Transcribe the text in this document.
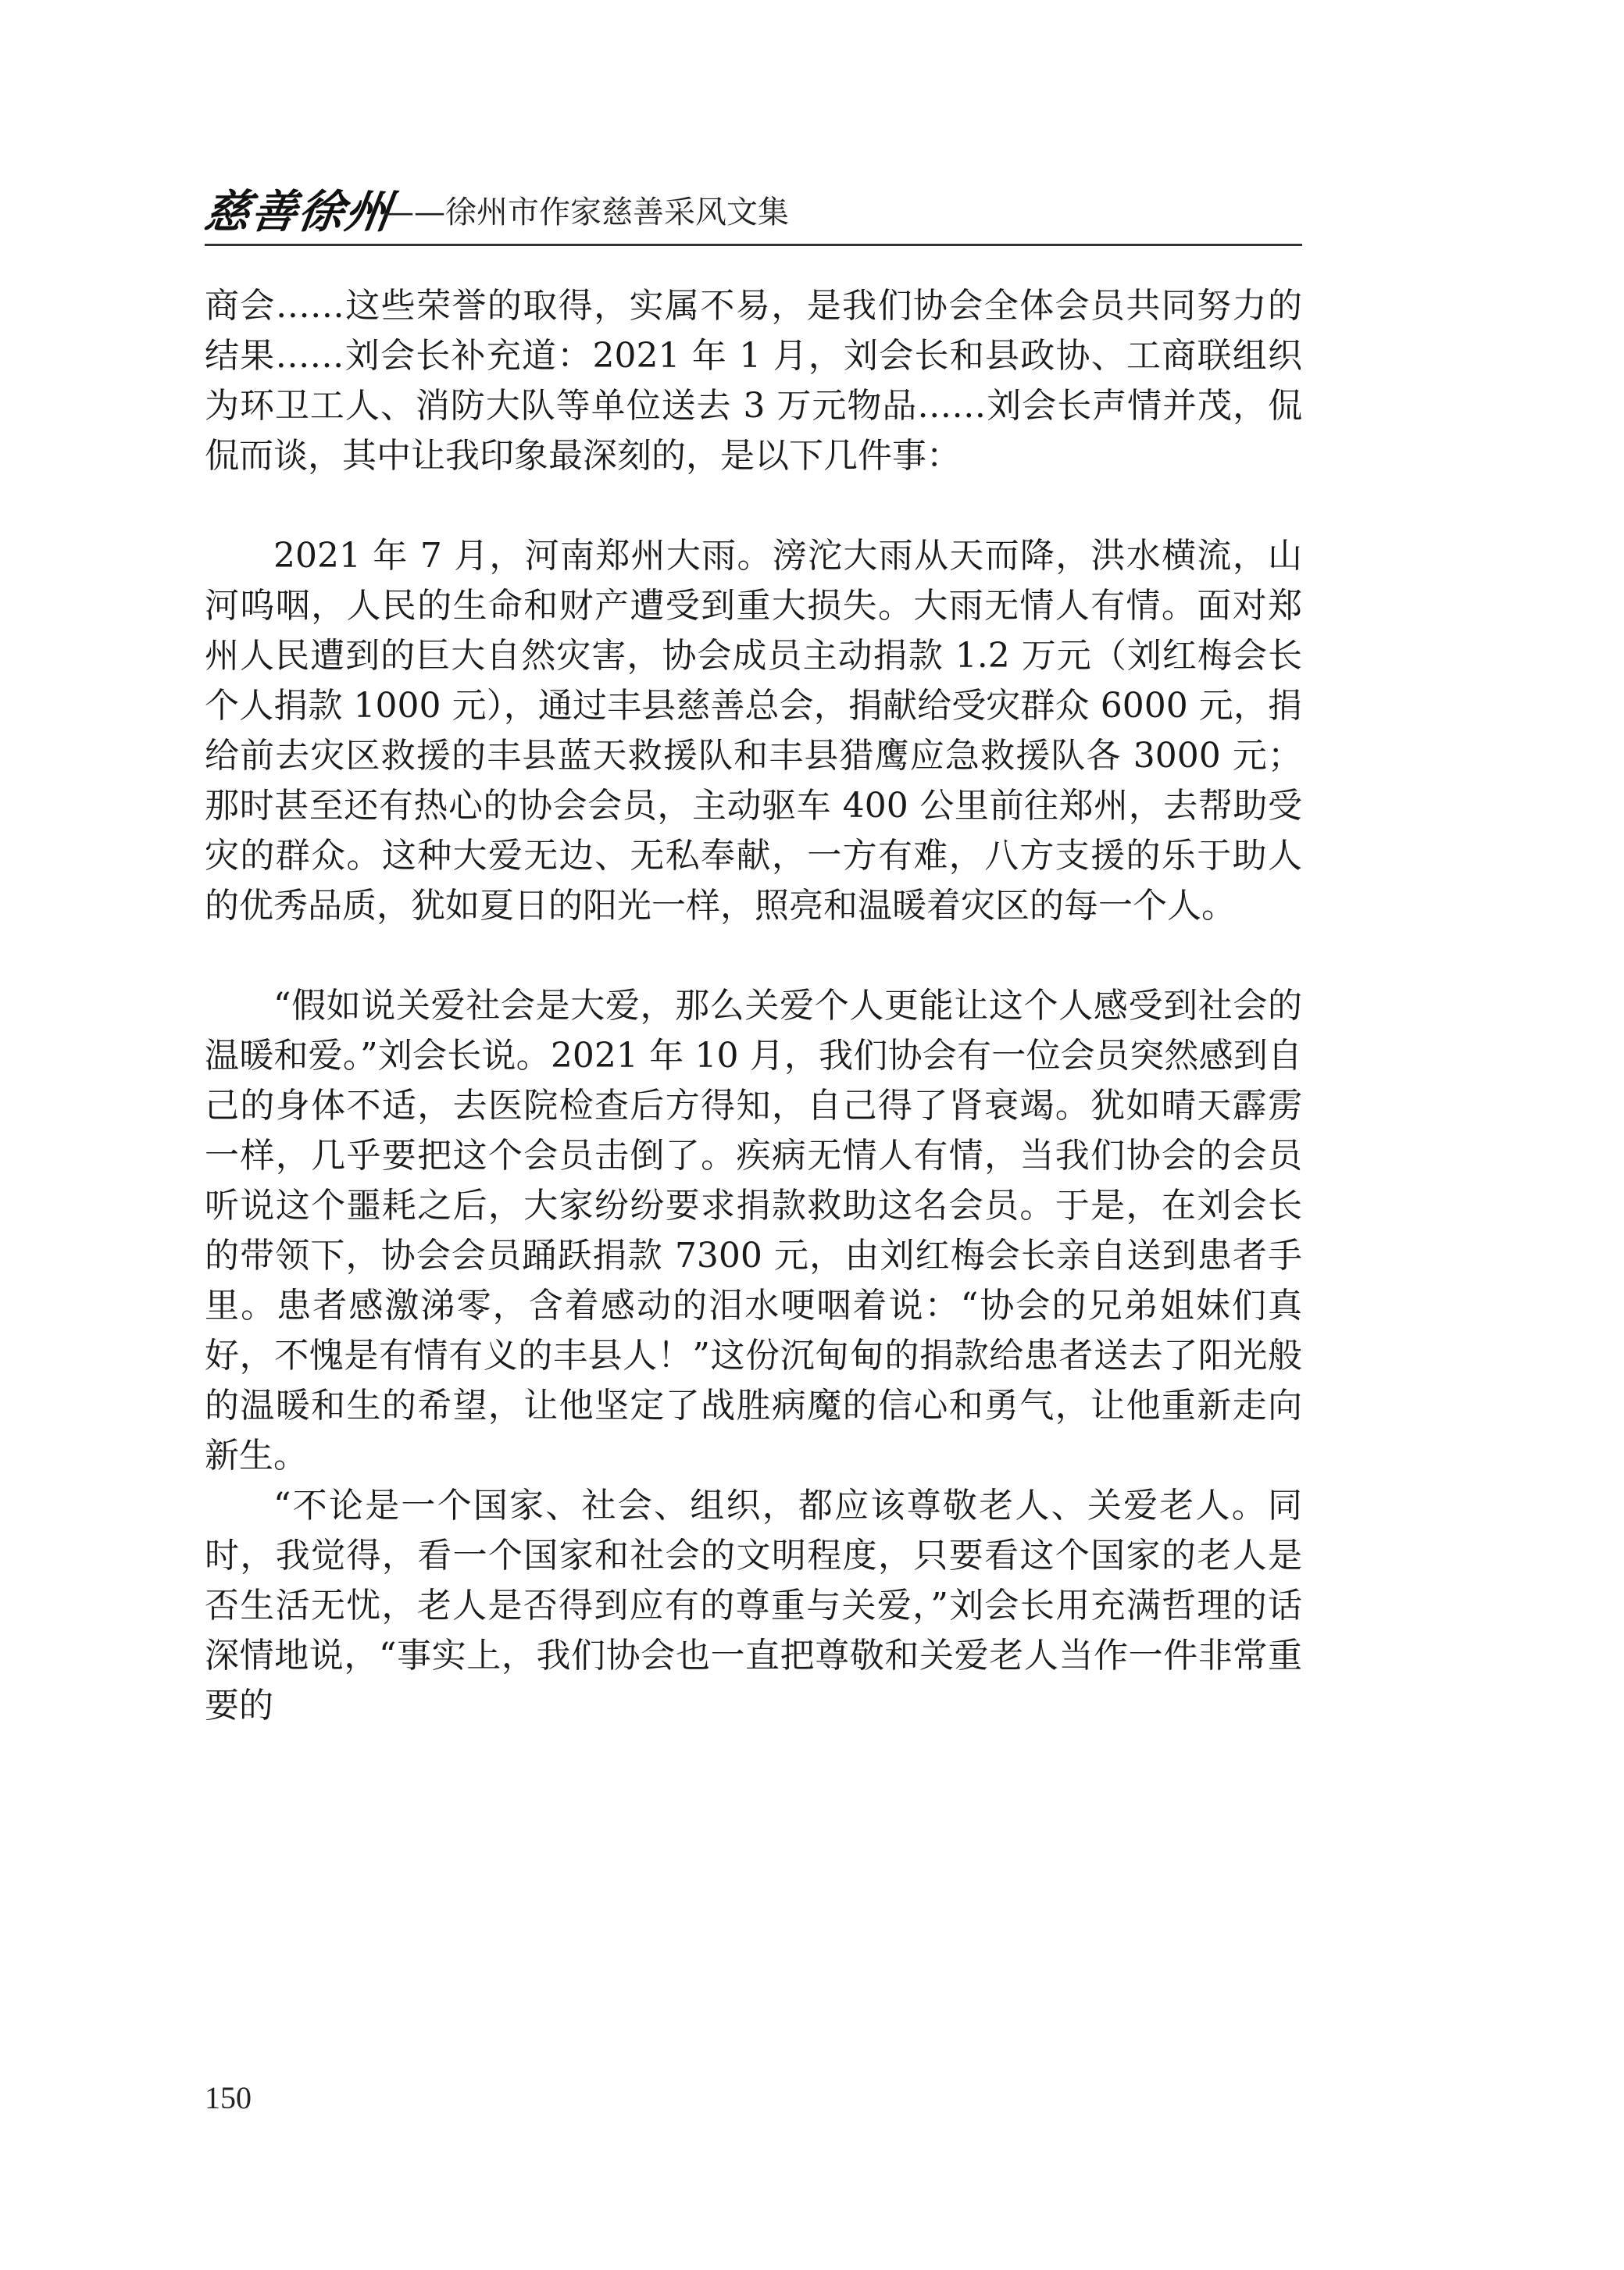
慈善徐州
——徐州市作家慈善采风文集

商会……这些荣誉的取得，实属不易，是我们协会全体会员共同努力的结果……刘会长补充道：2021 年 1 月，刘会长和县政协、工商联组织为环卫工人、消防大队等单位送去 3 万元物品……刘会长声情并茂，侃侃而谈，其中让我印象最深刻的，是以下几件事：

2021 年 7 月，河南郑州大雨。滂沱大雨从天而降，洪水横流，山河呜咽，人民的生命和财产遭受到重大损失。大雨无情人有情。面对郑州人民遭到的巨大自然灾害，协会成员主动捐款 1.2 万元（刘红梅会长个人捐款 1000 元），通过丰县慈善总会，捐献给受灾群众 6000 元，捐给前去灾区救援的丰县蓝天救援队和丰县猎鹰应急救援队各 3000 元；那时甚至还有热心的协会会员，主动驱车 400 公里前往郑州，去帮助受灾的群众。这种大爱无边、无私奉献，一方有难，八方支援的乐于助人的优秀品质，犹如夏日的阳光一样，照亮和温暖着灾区的每一个人。

“假如说关爱社会是大爱，那么关爱个人更能让这个人感受到社会的温暖和爱。”刘会长说。2021 年 10 月，我们协会有一位会员突然感到自己的身体不适，去医院检查后方得知，自己得了肾衰竭。犹如晴天霹雳一样，几乎要把这个会员击倒了。疾病无情人有情，当我们协会的会员听说这个噩耗之后，大家纷纷要求捐款救助这名会员。于是，在刘会长的带领下，协会会员踊跃捐款 7300 元，由刘红梅会长亲自送到患者手里。患者感激涕零，含着感动的泪水哽咽着说：“协会的兄弟姐妹们真好，不愧是有情有义的丰县人！”这份沉甸甸的捐款给患者送去了阳光般的温暖和生的希望，让他坚定了战胜病魔的信心和勇气，让他重新走向新生。

“不论是一个国家、社会、组织，都应该尊敬老人、关爱老人。同时，我觉得，看一个国家和社会的文明程度，只要看这个国家的老人是否生活无忧，老人是否得到应有的尊重与关爱，”刘会长用充满哲理的话深情地说，“事实上，我们协会也一直把尊敬和关爱老人当作一件非常重要的

150
